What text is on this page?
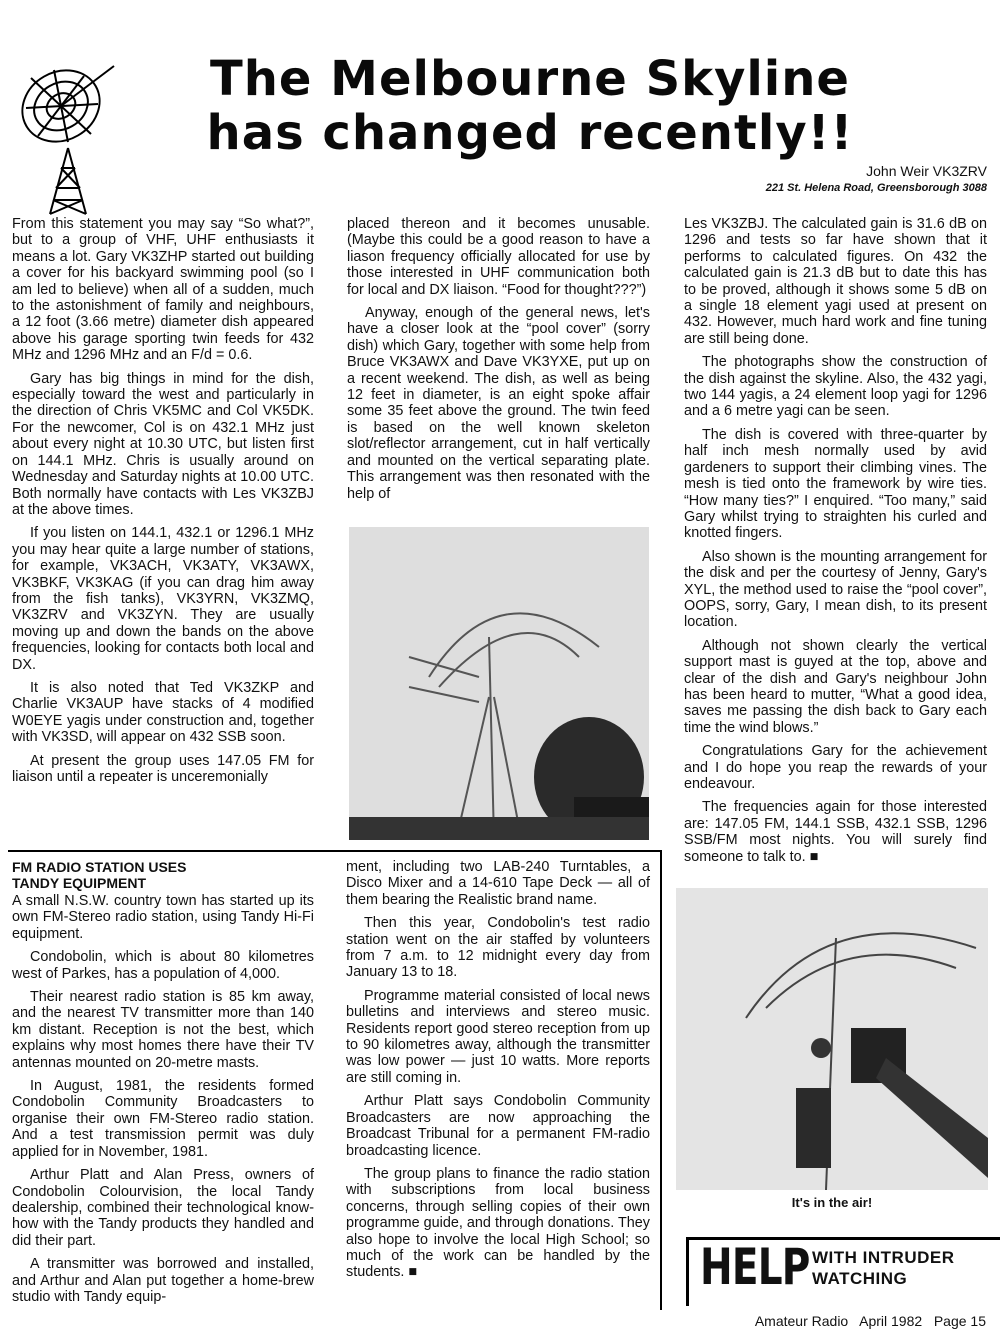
The Melbourne Skyline
has changed recently!!
John Weir VK3ZRV
221 St. Helena Road, Greensborough 3088

From this statement you may say “So what?”, but to a group of VHF, UHF enthusiasts it means a lot. Gary VK3ZHP started out building a cover for his backyard swimming pool (so I am led to believe) when all of a sudden, much to the astonishment of family and neighbours, a 12 foot (3.66 metre) diameter dish appeared above his garage sporting twin feeds for 432 MHz and 1296 MHz and an F/d = 0.6.

Gary has big things in mind for the dish, especially toward the west and particularly in the direction of Chris VK5MC and Col VK5DK. For the newcomer, Col is on 432.1 MHz just about every night at 10.30 UTC, but listen first on 144.1 MHz. Chris is usually around on Wednesday and Saturday nights at 10.00 UTC. Both normally have contacts with Les VK3ZBJ at the above times.

If you listen on 144.1, 432.1 or 1296.1 MHz you may hear quite a large number of stations, for example, VK3ACH, VK3ATY, VK3AWX, VK3BKF, VK3KAG (if you can drag him away from the fish tanks), VK3YRN, VK3ZMQ, VK3ZRV and VK3ZYN. They are usually moving up and down the bands on the above frequencies, looking for contacts both local and DX.

It is also noted that Ted VK3ZKP and Charlie VK3AUP have stacks of 4 modified W0EYE yagis under construction and, together with VK3SD, will appear on 432 SSB soon.

At present the group uses 147.05 FM for liaison until a repeater is unceremonially

placed thereon and it becomes unusable. (Maybe this could be a good reason to have a liason frequency officially allocated for use by those interested in UHF communication both for local and DX liaison. “Food for thought???”)

Anyway, enough of the general news, let's have a closer look at the “pool cover” (sorry dish) which Gary, together with some help from Bruce VK3AWX and Dave VK3YXE, put up on a recent weekend. The dish, as well as being 12 feet in diameter, is an eight spoke affair some 35 feet above the ground. The twin feed is based on the well known skeleton slot/reflector arrangement, cut in half vertically and mounted on the vertical separating plate. This arrangement was then resonated with the help of

Les VK3ZBJ. The calculated gain is 31.6 dB on 1296 and tests so far have shown that it performs to calculated figures. On 432 the calculated gain is 21.3 dB but to date this has to be proved, although it shows some 5 dB on a single 18 element yagi used at present on 432. However, much hard work and fine tuning are still being done.

The photographs show the construction of the dish against the skyline. Also, the 432 yagi, two 144 yagis, a 24 element loop yagi for 1296 and a 6 metre yagi can be seen.

The dish is covered with three-quarter by half inch mesh normally used by avid gardeners to support their climbing vines. The mesh is tied onto the framework by wire ties. “How many ties?” I enquired. “Too many,” said Gary whilst trying to straighten his curled and knotted fingers.

Also shown is the mounting arrangement for the disk and per the courtesy of Jenny, Gary's XYL, the method used to raise the “pool cover”, OOPS, sorry, Gary, I mean dish, to its present location.

Although not shown clearly the vertical support mast is guyed at the top, above and clear of the dish and Gary's neighbour John has been heard to mutter, “What a good idea, saves me passing the dish back to Gary each time the wind blows.”

Congratulations Gary for the achievement and I do hope you reap the rewards of your endeavour.

The frequencies again for those interested are: 147.05 FM, 144.1 SSB, 432.1 SSB, 1296 SSB/FM most nights. You will surely find someone to talk to. ■

FM RADIO STATION USES
TANDY EQUIPMENT

A small N.S.W. country town has started up its own FM-Stereo radio station, using Tandy Hi-Fi equipment.

Condobolin, which is about 80 kilometres west of Parkes, has a population of 4,000.

Their nearest radio station is 85 km away, and the nearest TV transmitter more than 140 km distant. Reception is not the best, which explains why most homes there have their TV antennas mounted on 20-metre masts.

In August, 1981, the residents formed Condobolin Community Broadcasters to organise their own FM-Stereo radio station. And a test transmission permit was duly applied for in November, 1981.

Arthur Platt and Alan Press, owners of Condobolin Colourvision, the local Tandy dealership, combined their technological know-how with the Tandy products they handled and did their part.

A transmitter was borrowed and installed, and Arthur and Alan put together a home-brew studio with Tandy equip-

ment, including two LAB-240 Turntables, a Disco Mixer and a 14-610 Tape Deck — all of them bearing the Realistic brand name.

Then this year, Condobolin's test radio station went on the air staffed by volunteers from 7 a.m. to 12 midnight every day from January 13 to 18.

Programme material consisted of local news bulletins and interviews and stereo music. Residents report good stereo reception from up to 90 kilometres away, although the transmitter was low power — just 10 watts. More reports are still coming in.

Arthur Platt says Condobolin Community Broadcasters are now approaching the Broadcast Tribunal for a permanent FM-radio broadcasting licence.

The group plans to finance the radio station with subscriptions from local business concerns, through selling copies of their own programme guide, and through donations. They also hope to involve the local High School; so much of the work can be handled by the students. ■

It's in the air!
HELP WITH INTRUDER
WATCHING
Amateur Radio   April 1982   Page 15
